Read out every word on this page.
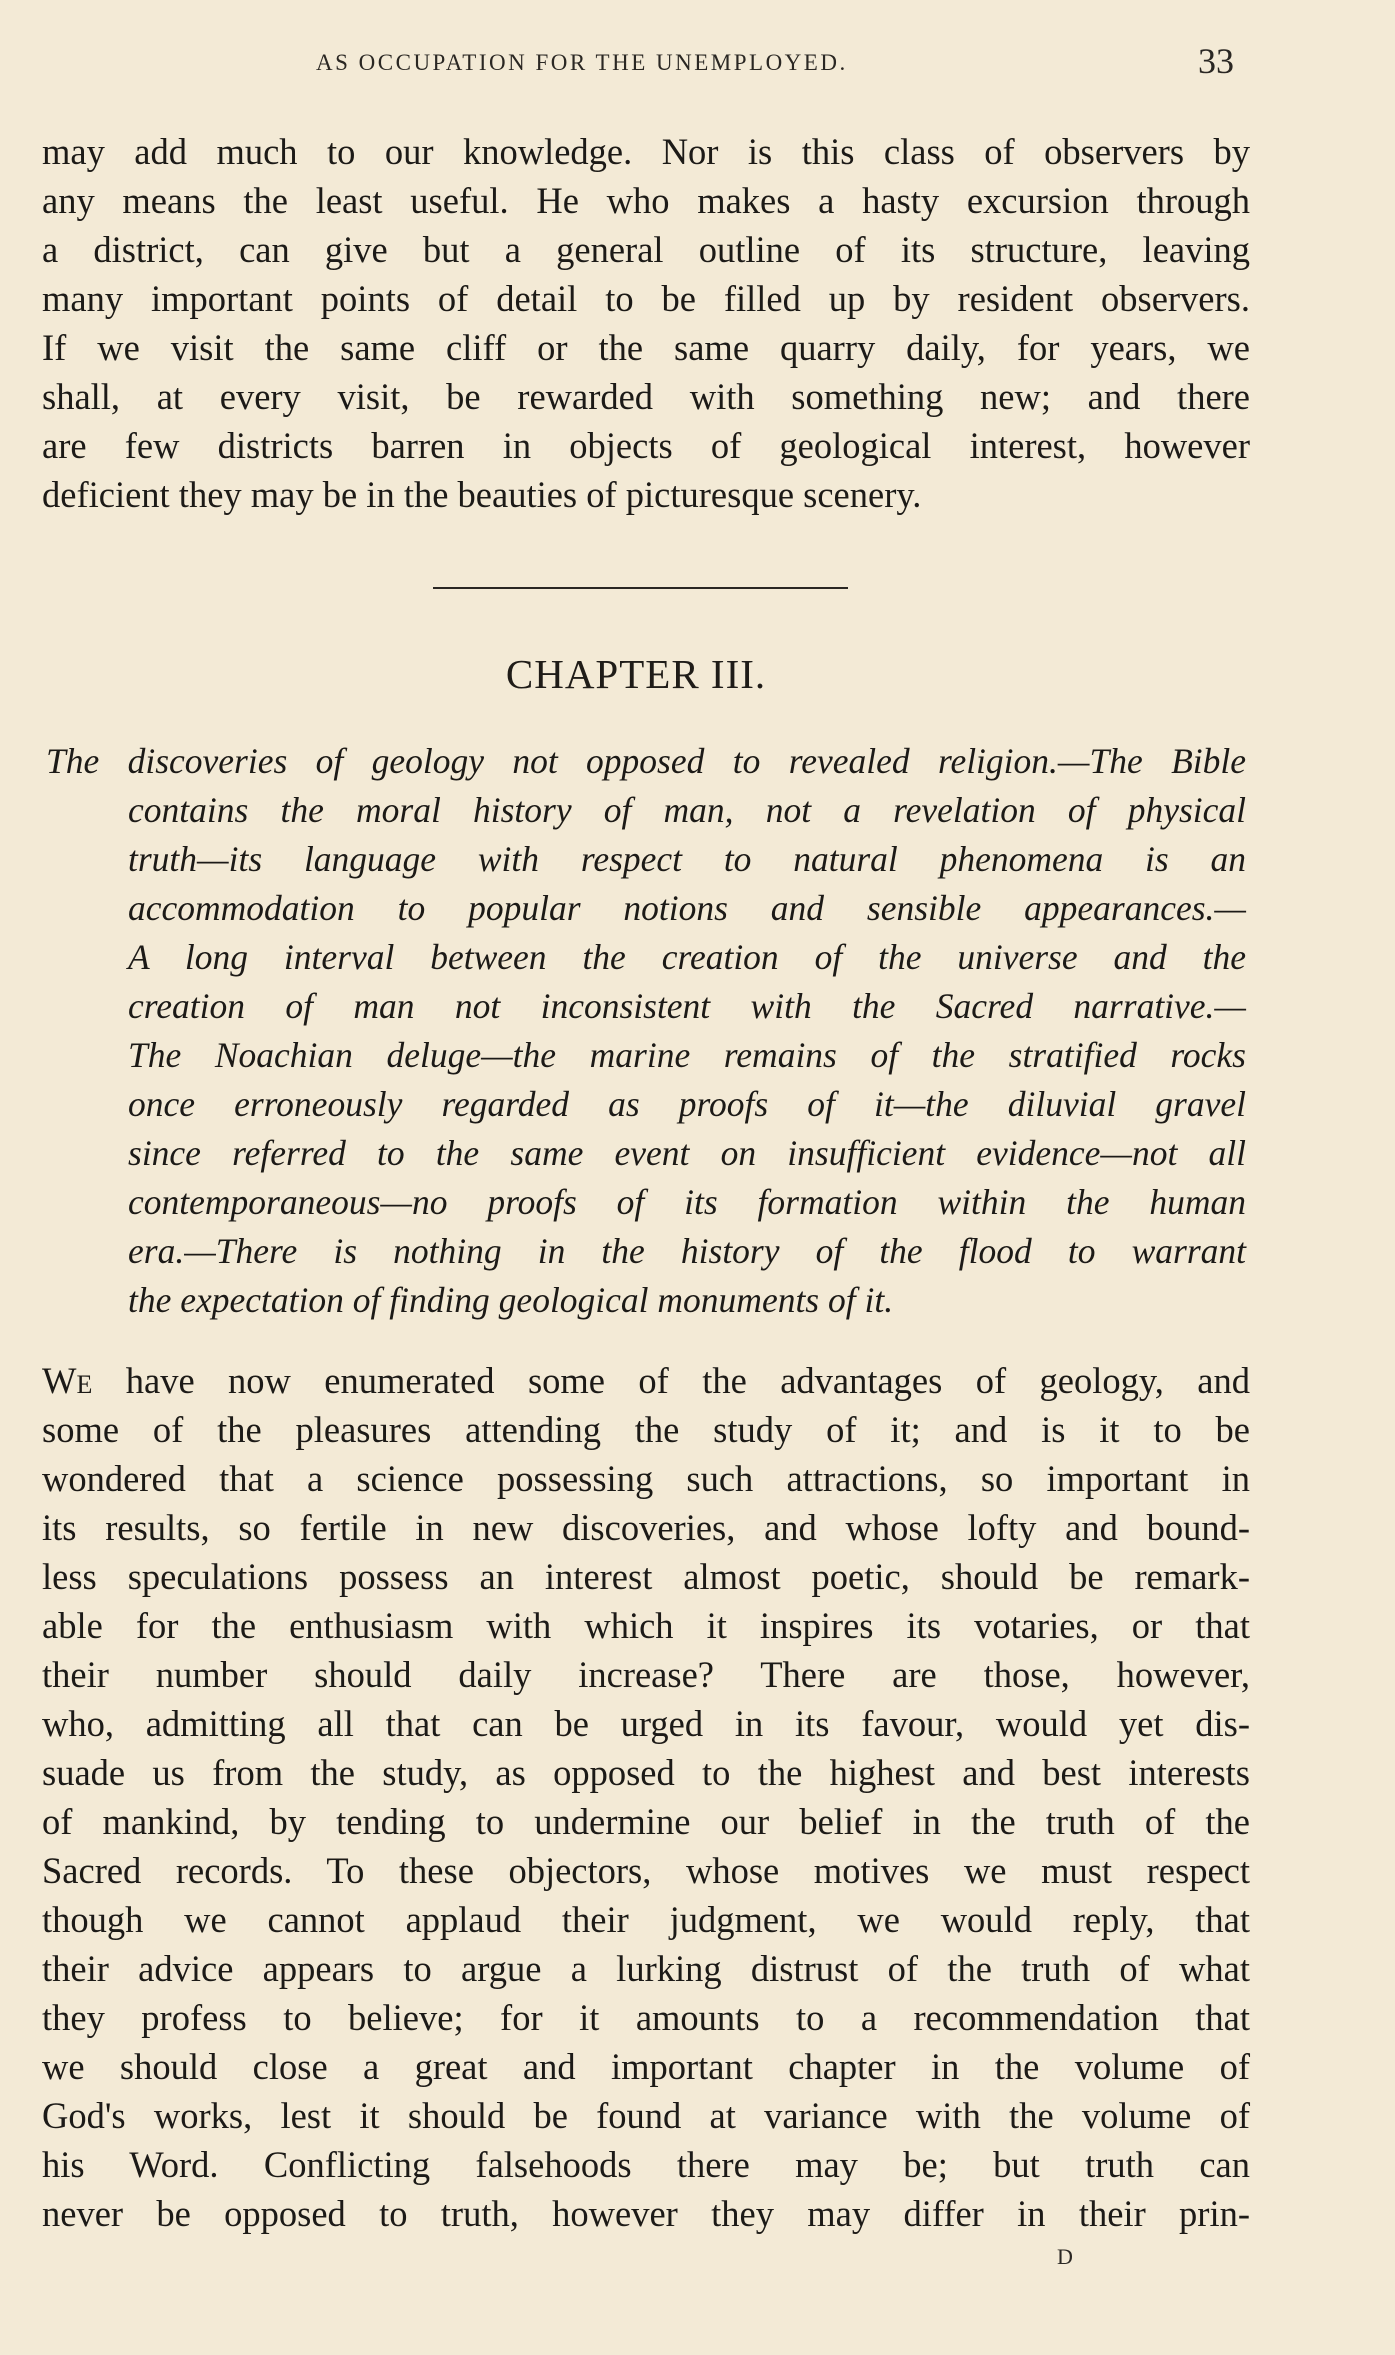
AS OCCUPATION FOR THE UNEMPLOYED.	33
may add much to our knowledge. Nor is this class of observers by
any means the least useful. He who makes a hasty excursion through
a district, can give but a general outline of its structure, leaving
many important points of detail to be filled up by resident observers.
If we visit the same cliff or the same quarry daily, for years, we
shall, at every visit, be rewarded with something new; and there
are few districts barren in objects of geological interest, however
deficient they may be in the beauties of picturesque scenery.
CHAPTER III.
The discoveries of geology not opposed to revealed religion.—The Bible
contains the moral history of man, not a revelation of physical
truth—its language with respect to natural phenomena is an
accommodation to popular notions and sensible appearances.—
A long interval between the creation of the universe and the
creation of man not inconsistent with the Sacred narrative.—
The Noachian deluge—the marine remains of the stratified rocks
once erroneously regarded as proofs of it—the diluvial gravel
since referred to the same event on insufficient evidence—not all
contemporaneous—no proofs of its formation within the human
era.—There is nothing in the history of the flood to warrant
the expectation of finding geological monuments of it.
We have now enumerated some of the advantages of geology, and
some of the pleasures attending the study of it; and is it to be
wondered that a science possessing such attractions, so important in
its results, so fertile in new discoveries, and whose lofty and bound-
less speculations possess an interest almost poetic, should be remark-
able for the enthusiasm with which it inspires its votaries, or that
their number should daily increase? There are those, however,
who, admitting all that can be urged in its favour, would yet dis-
suade us from the study, as opposed to the highest and best interests
of mankind, by tending to undermine our belief in the truth of the
Sacred records. To these objectors, whose motives we must respect
though we cannot applaud their judgment, we would reply, that
their advice appears to argue a lurking distrust of the truth of what
they profess to believe; for it amounts to a recommendation that
we should close a great and important chapter in the volume of
God's works, lest it should be found at variance with the volume of
his Word. Conflicting falsehoods there may be; but truth can
never be opposed to truth, however they may differ in their prin-
D
